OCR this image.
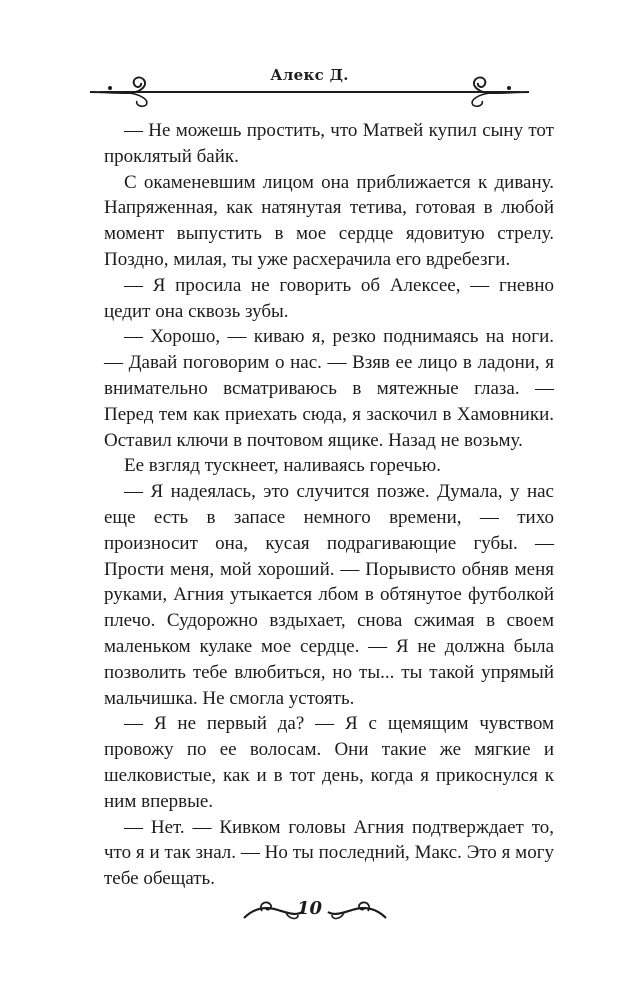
Алекс Д.

— Не можешь простить, что Матвей купил сыну тот проклятый байк.

С окаменевшим лицом она приближается к дивану. Напряженная, как натянутая тетива, готовая в любой момент выпустить в мое сердце ядовитую стрелу. Поздно, милая, ты уже расхерачила его вдребезги.

— Я просила не говорить об Алексее, — гневно цедит она сквозь зубы.

— Хорошо, — киваю я, резко поднимаясь на ноги. — Давай поговорим о нас. — Взяв ее лицо в ладони, я внимательно всматриваюсь в мятежные глаза. — Перед тем как приехать сюда, я заскочил в Хамовники. Оставил ключи в почтовом ящике. Назад не возьму.

Ее взгляд тускнеет, наливаясь горечью.

— Я надеялась, это случится позже. Думала, у нас еще есть в запасе немного времени, — тихо произносит она, кусая подрагивающие губы. — Прости меня, мой хороший. — Порывисто обняв меня руками, Агния утыкается лбом в обтянутое футболкой плечо. Судорожно вздыхает, снова сжимая в своем маленьком кулаке мое сердце. — Я не должна была позволить тебе влюбиться, но ты... ты такой упрямый мальчишка. Не смогла устоять.

— Я не первый да? — Я с щемящим чувством провожу по ее волосам. Они такие же мягкие и шелковистые, как и в тот день, когда я прикоснулся к ним впервые.

— Нет. — Кивком головы Агния подтверждает то, что я и так знал. — Но ты последний, Макс. Это я могу тебе обещать.

10
